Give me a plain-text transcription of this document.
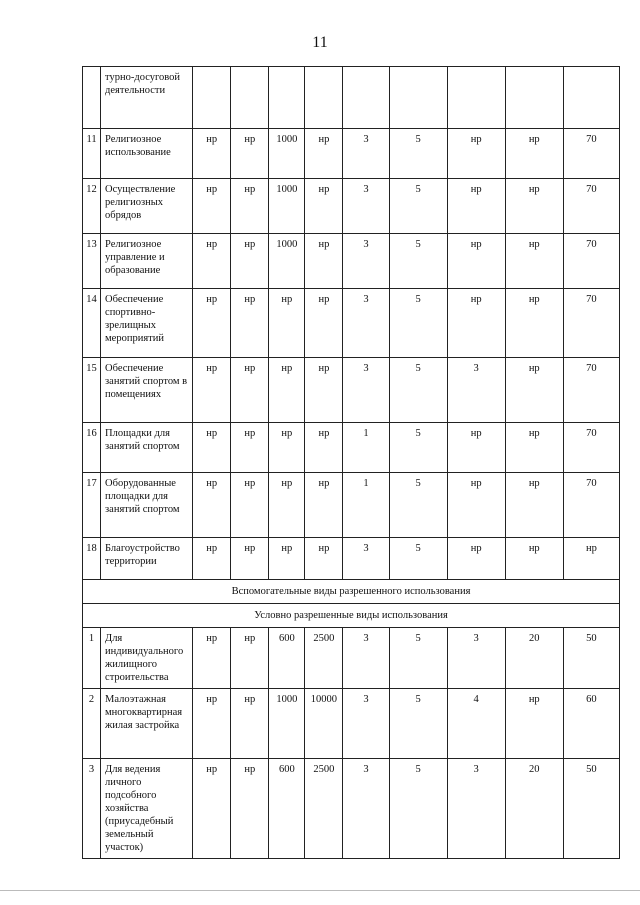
11
	турно-досуговой деятельности									
11	Религиозное использование	нр	нр	1000	нр	3	5	нр	нр	70
12	Осуществление религиозных обрядов	нр	нр	1000	нр	3	5	нр	нр	70
13	Религиозное управление и образование	нр	нр	1000	нр	3	5	нр	нр	70
14	Обеспечение спортивно-зрелищных мероприятий	нр	нр	нр	нр	3	5	нр	нр	70
15	Обеспечение занятий спортом в помещениях	нр	нр	нр	нр	3	5	3	нр	70
16	Площадки для занятий спортом	нр	нр	нр	нр	1	5	нр	нр	70
17	Оборудованные площадки для занятий спортом	нр	нр	нр	нр	1	5	нр	нр	70
18	Благоустройство территории	нр	нр	нр	нр	3	5	нр	нр	нр
Вспомогательные виды разрешенного использования										
Условно разрешенные виды использования										
1	Для индивидуального жилищного строительства	нр	нр	600	2500	3	5	3	20	50
2	Малоэтажная многоквартирная жилая застройка	нр	нр	1000	10000	3	5	4	нр	60
3	Для ведения личного подсобного хозяйства (приусадебный земельный участок)	нр	нр	600	2500	3	5	3	20	50
